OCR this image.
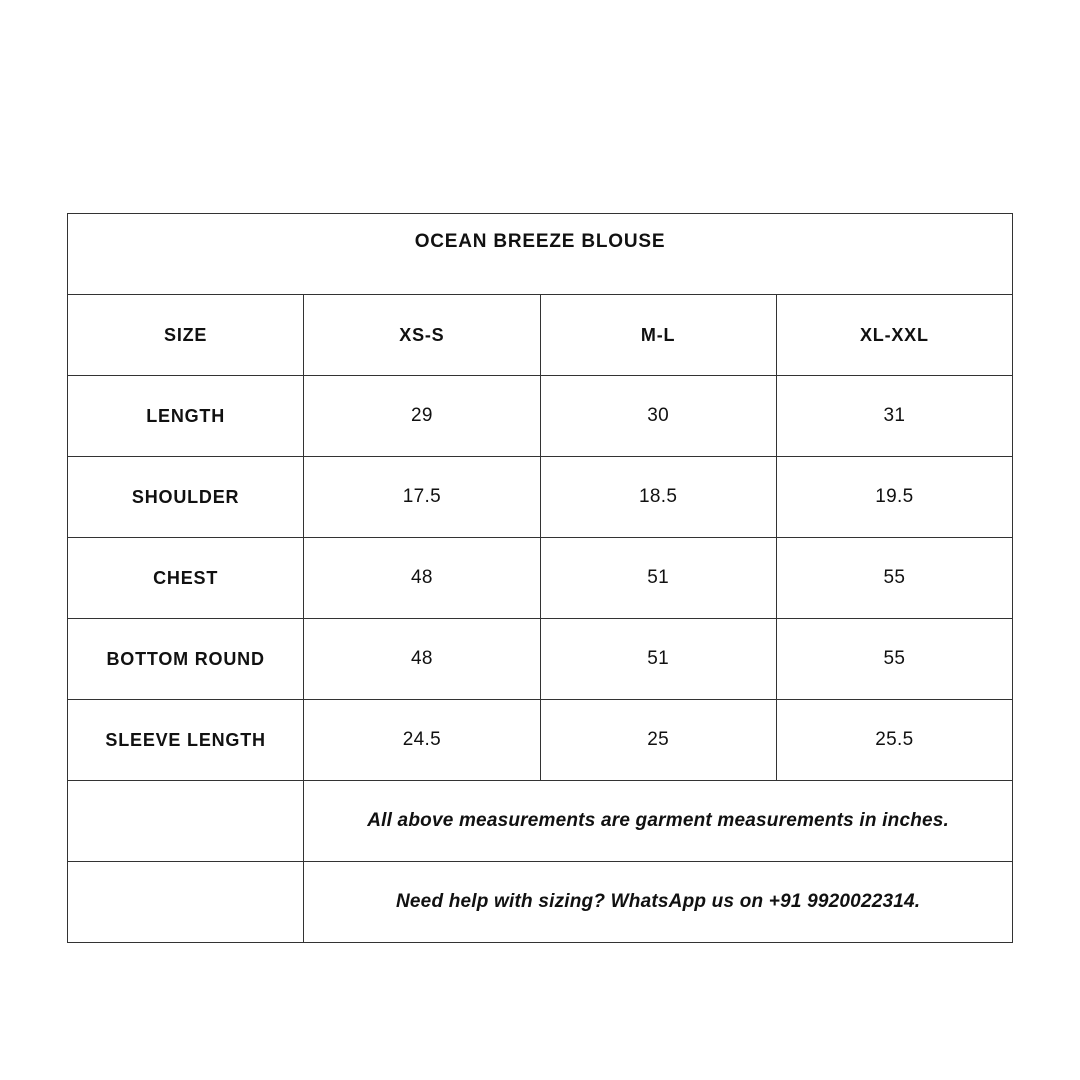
OCEAN BREEZE BLOUSE			
SIZE	XS-S	M-L	XL-XXL
LENGTH	29	30	31
SHOULDER	17.5	18.5	19.5
CHEST	48	51	55
BOTTOM ROUND	48	51	55
SLEEVE LENGTH	24.5	25	25.5
	All above measurements are garment measurements in inches.		
	Need help with sizing? WhatsApp us on +91 9920022314.		
